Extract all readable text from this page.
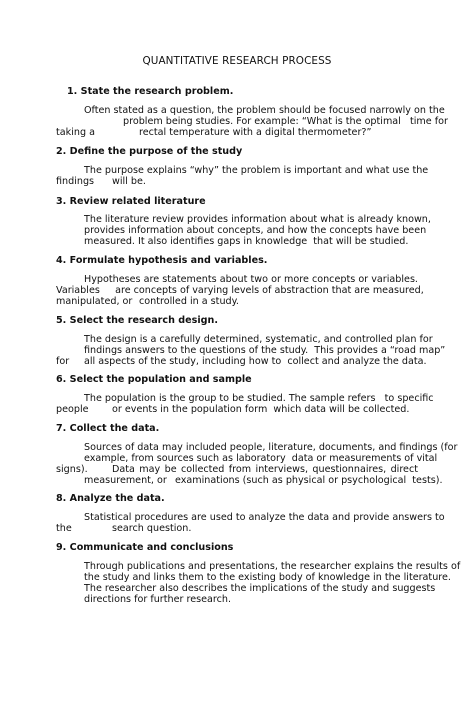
QUANTITATIVE RESEARCH PROCESS
1. State the research problem.
Often stated as a question, the problem should be focused narrowly on the
problem being studies. For example: “What is the optimal   time for
taking a	rectal temperature with a digital thermometer?”
2. Define the purpose of the study
The purpose explains “why” the problem is important and what use the
findings will be.
3. Review related literature
The literature review provides information about what is already known,
provides information about concepts, and how the concepts have been
measured. It also identifies gaps in knowledge  that will be studied.
4. Formulate hypothesis and variables.
Hypotheses are statements about two or more concepts or variables.
Variables     are concepts of varying levels of abstraction that are measured,
manipulated, or controlled in a study.
5. Select the research design.
The design is a carefully determined, systematic, and controlled plan for
findings answers to the questions of the study.  This provides a “road map”
for all aspects of the study, including how to  collect and analyze the data.
6. Select the population and sample
The population is the group to be studied. The sample refers   to specific
people or events in the population form  which data will be collected.
7. Collect the data.
Sources of data may included people, literature, documents, and findings (for
example, from sources such as laboratory  data or measurements of vital
signs).	Data may be collected from interviews, questionnaires, direct
measurement, or examinations (such as physical or psychological  tests).
8. Analyze the data.
Statistical procedures are used to analyze the data and provide answers to
the	search question.
9. Communicate and conclusions
Through publications and presentations, the researcher explains the results of
the study and links them to the existing body of knowledge in the literature.
The researcher also describes the implications of the study and suggests
directions for further research.
